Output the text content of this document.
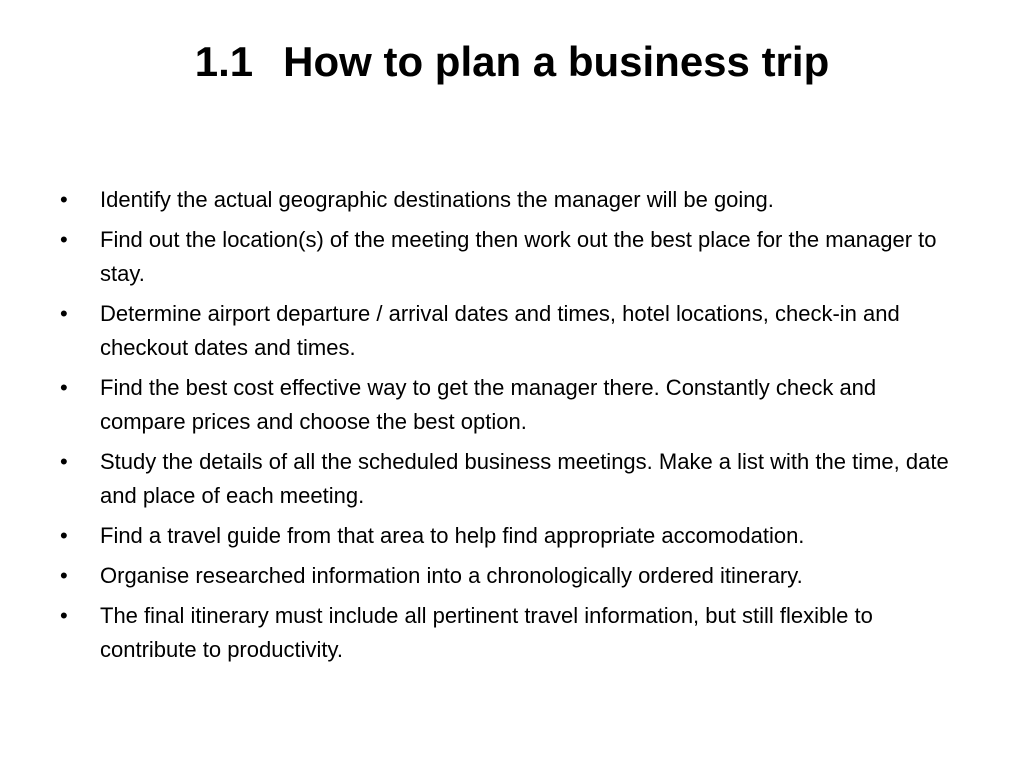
1.1 How to plan a business trip
•	Identify the actual geographic destinations the manager will be going.
•	Find out the location(s) of the meeting then work out the best place for the manager to stay.
•	Determine airport departure / arrival dates and times, hotel locations, check-in and checkout dates and times.
•	Find the best cost effective way to get the manager there. Constantly check and compare prices and choose the best option.
•	Study the details of all the scheduled business meetings. Make a list with the time, date and place of each meeting.
•	Find a travel guide from that area to help find appropriate accomodation.
•	Organise researched information into a chronologically ordered itinerary.
•	The final itinerary must include all pertinent travel information, but still flexible to contribute to productivity.
